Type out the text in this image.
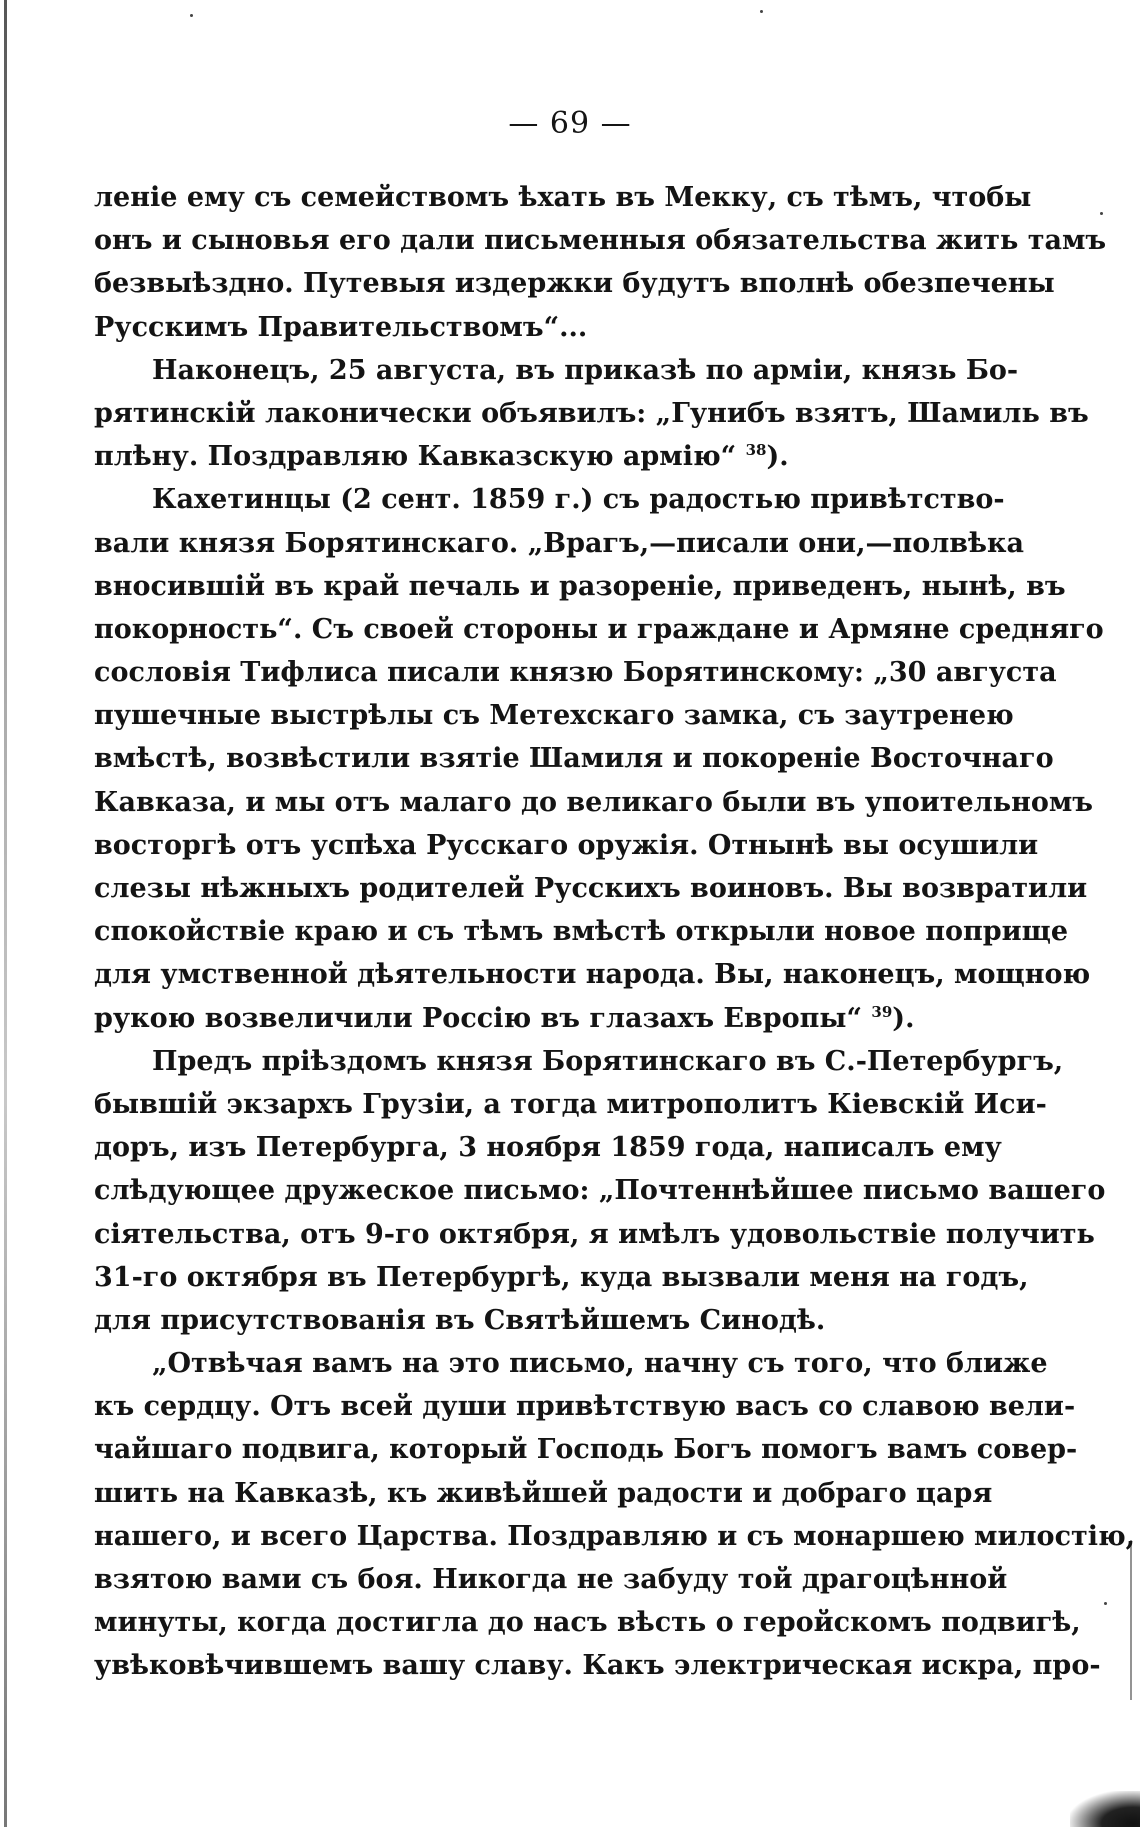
— 69 —
леніе ему съ семействомъ ѣхать въ Мекку, съ тѣмъ, чтобы
онъ и сыновья его дали письменныя обязательства жить тамъ
безвыѣздно. Путевыя издержки будутъ вполнѣ обезпечены
Русскимъ Правительствомъ“...
Наконецъ, 25 августа, въ приказѣ по арміи, князь Бо-
рятинскій лаконически объявилъ: „Гунибъ взятъ, Шамиль въ
плѣну. Поздравляю Кавказскую армію“ $^{38}$).
Кахетинцы (2 сент. 1859 г.) съ радостью привѣтство-
вали князя Борятинскаго. „Врагъ,—писали они,—полвѣка
вносившій въ край печаль и разореніе, приведенъ, нынѣ, въ
покорность“. Съ своей стороны и граждане и Армяне средняго
сословія Тифлиса писали князю Борятинскому: „30 августа
пушечные выстрѣлы съ Метехскаго замка, съ заутренею
вмѣстѣ, возвѣстили взятіе Шамиля и покореніе Восточнаго
Кавказа, и мы отъ малаго до великаго были въ упоительномъ
восторгѣ отъ успѣха Русскаго оружія. Отнынѣ вы осушили
слезы нѣжныхъ родителей Русскихъ воиновъ. Вы возвратили
спокойствіе краю и съ тѣмъ вмѣстѣ открыли новое поприще
для умственной дѣятельности народа. Вы, наконецъ, мощною
рукою возвеличили Россію въ глазахъ Европы“ $^{39}$).
Предъ пріѣздомъ князя Борятинскаго въ С.-Петербургъ,
бывшій экзархъ Грузіи, а тогда митрополитъ Кіевскій Иси-
доръ, изъ Петербурга, 3 ноября 1859 года, написалъ ему
слѣдующее дружеское письмо: „Почтеннѣйшее письмо вашего
сіятельства, отъ 9-го октября, я имѣлъ удовольствіе получить
31-го октября въ Петербургѣ, куда вызвали меня на годъ,
для присутствованія въ Святѣйшемъ Синодѣ.
„Отвѣчая вамъ на это письмо, начну съ того, что ближе
къ сердцу. Отъ всей души привѣтствую васъ со славою вели-
чайшаго подвига, который Господь Богъ помогъ вамъ совер-
шить на Кавказѣ, къ живѣйшей радости и добраго царя
нашего, и всего Царства. Поздравляю и съ монаршею милостію,
взятою вами съ боя. Никогда не забуду той драгоцѣнной
минуты, когда достигла до насъ вѣсть о геройскомъ подвигѣ,
увѣковѣчившемъ вашу славу. Какъ электрическая искра, про-
